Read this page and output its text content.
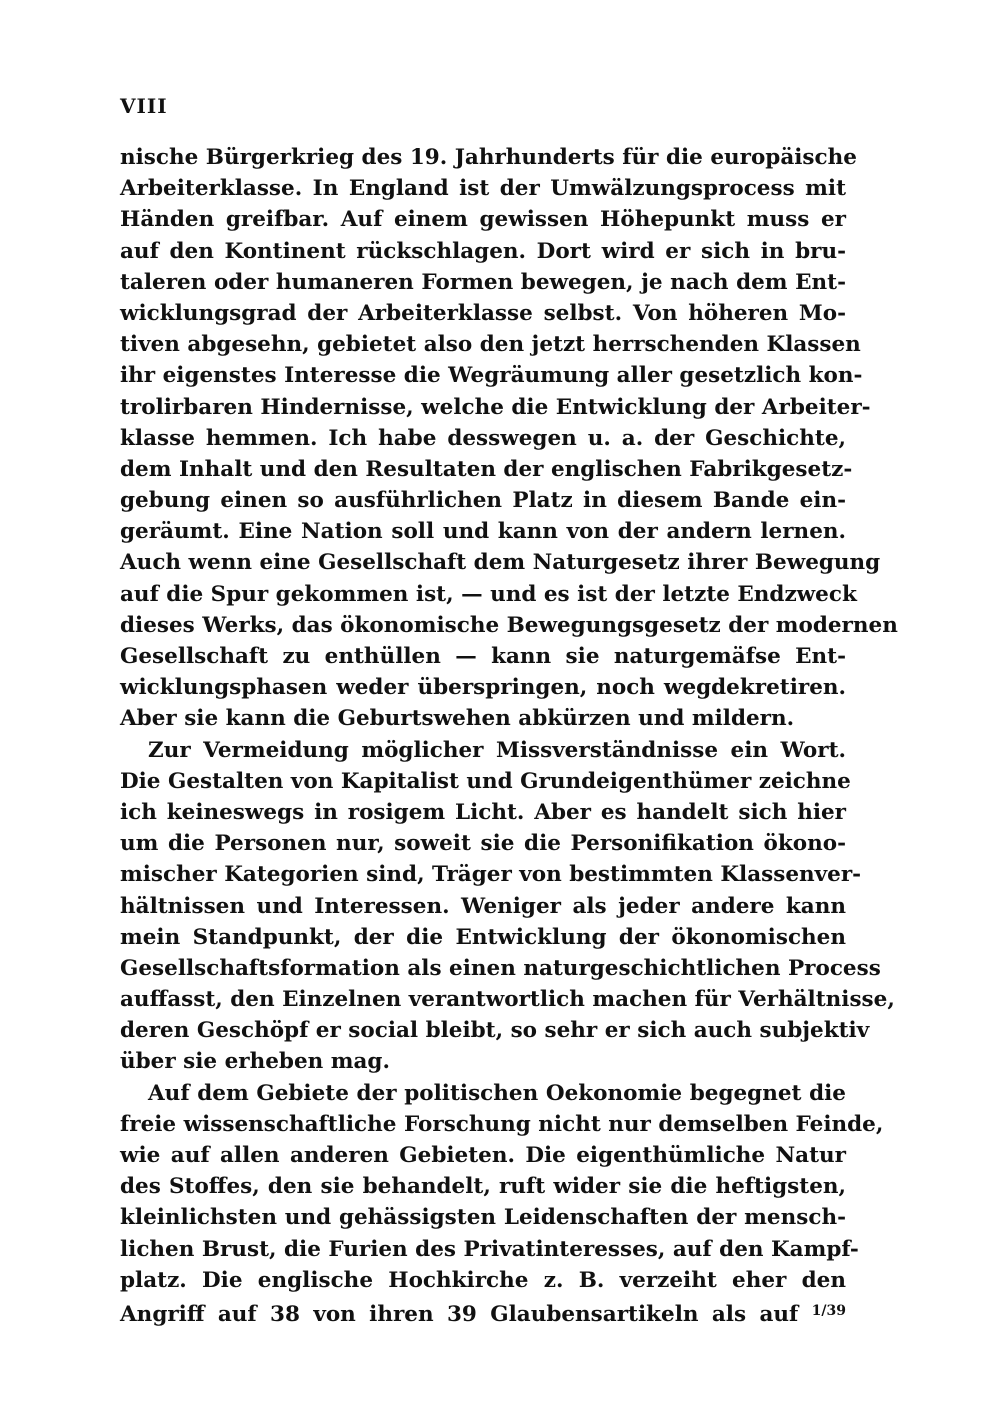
VIII
nische Bürgerkrieg des 19. Jahrhunderts für die europäische
Arbeiterklasse. In England ist der Umwälzungsprocess mit
Händen greifbar. Auf einem gewissen Höhepunkt muss er
auf den Kontinent rückschlagen. Dort wird er sich in bru-
taleren oder humaneren Formen bewegen, je nach dem Ent-
wicklungsgrad der Arbeiterklasse selbst. Von höheren Mo-
tiven abgesehn, gebietet also den jetzt herrschenden Klassen
ihr eigenstes Interesse die Wegräumung aller gesetzlich kon-
trolirbaren Hindernisse, welche die Entwicklung der Arbeiter-
klasse hemmen. Ich habe desswegen u. a. der Geschichte,
dem Inhalt und den Resultaten der englischen Fabrikgesetz-
gebung einen so ausführlichen Platz in diesem Bande ein-
geräumt. Eine Nation soll und kann von der andern lernen.
Auch wenn eine Gesellschaft dem Naturgesetz ihrer Bewegung
auf die Spur gekommen ist, — und es ist der letzte Endzweck
dieses Werks, das ökonomische Bewegungsgesetz der modernen
Gesellschaft zu enthüllen — kann sie naturgemäfse Ent-
wicklungsphasen weder überspringen, noch wegdekretiren.
Aber sie kann die Geburtswehen abkürzen und mildern.
Zur Vermeidung möglicher Missverständnisse ein Wort.
Die Gestalten von Kapitalist und Grundeigenthümer zeichne
ich keineswegs in rosigem Licht. Aber es handelt sich hier
um die Personen nur, soweit sie die Personifikation ökono-
mischer Kategorien sind, Träger von bestimmten Klassenver-
hältnissen und Interessen. Weniger als jeder andere kann
mein Standpunkt, der die Entwicklung der ökonomischen
Gesellschaftsformation als einen naturgeschichtlichen Process
auffasst, den Einzelnen verantwortlich machen für Verhältnisse,
deren Geschöpf er social bleibt, so sehr er sich auch subjektiv
über sie erheben mag.
Auf dem Gebiete der politischen Oekonomie begegnet die
freie wissenschaftliche Forschung nicht nur demselben Feinde,
wie auf allen anderen Gebieten. Die eigenthümliche Natur
des Stoffes, den sie behandelt, ruft wider sie die heftigsten,
kleinlichsten und gehässigsten Leidenschaften der mensch-
lichen Brust, die Furien des Privatinteresses, auf den Kampf-
platz. Die englische Hochkirche z. B. verzeiht eher den
Angriff auf 38 von ihren 39 Glaubensartikeln als auf $^{1/39}$
